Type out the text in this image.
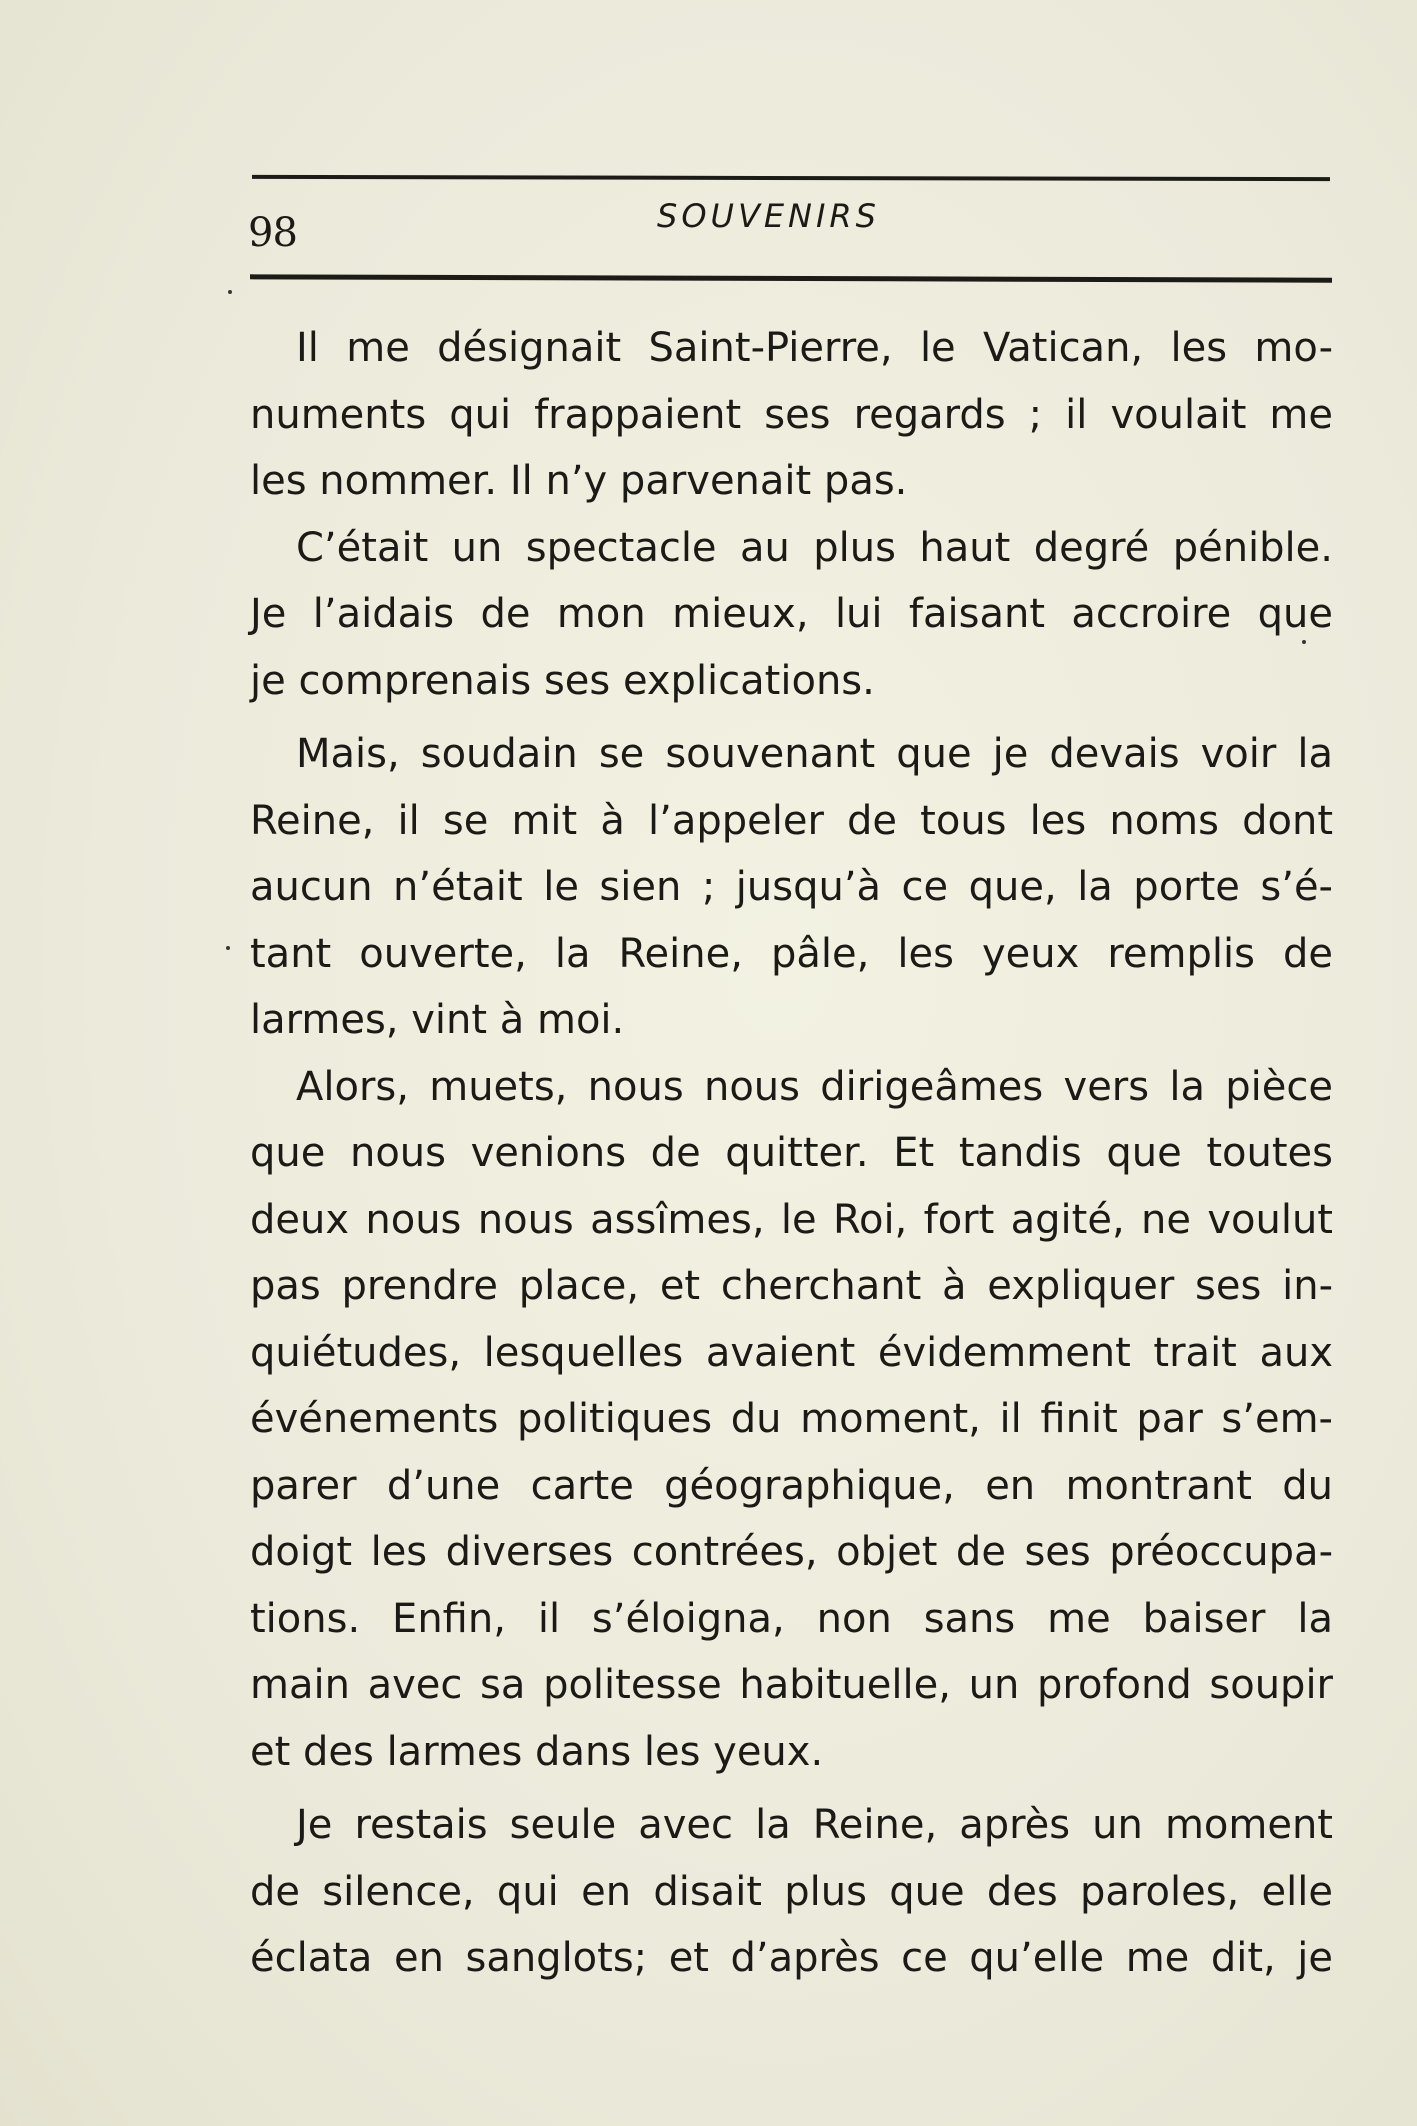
98	SOUVENIRS
Il me désignait Saint-Pierre, le Vatican, les mo-
numents qui frappaient ses regards ; il voulait me
les nommer. Il n’y parvenait pas.
C’était un spectacle au plus haut degré pénible.
Je l’aidais de mon mieux, lui faisant accroire que
je comprenais ses explications.
Mais, soudain se souvenant que je devais voir la
Reine, il se mit à l’appeler de tous les noms dont
aucun n’était le sien ; jusqu’à ce que, la porte s’é-
tant ouverte, la Reine, pâle, les yeux remplis de
larmes, vint à moi.
Alors, muets, nous nous dirigeâmes vers la pièce
que nous venions de quitter. Et tandis que toutes
deux nous nous assîmes, le Roi, fort agité, ne voulut
pas prendre place, et cherchant à expliquer ses in-
quiétudes, lesquelles avaient évidemment trait aux
événements politiques du moment, il finit par s’em-
parer d’une carte géographique, en montrant du
doigt les diverses contrées, objet de ses préoccupa-
tions. Enfin, il s’éloigna, non sans me baiser la
main avec sa politesse habituelle, un profond soupir
et des larmes dans les yeux.
Je restais seule avec la Reine, après un moment
de silence, qui en disait plus que des paroles, elle
éclata en sanglots; et d’après ce qu’elle me dit, je
